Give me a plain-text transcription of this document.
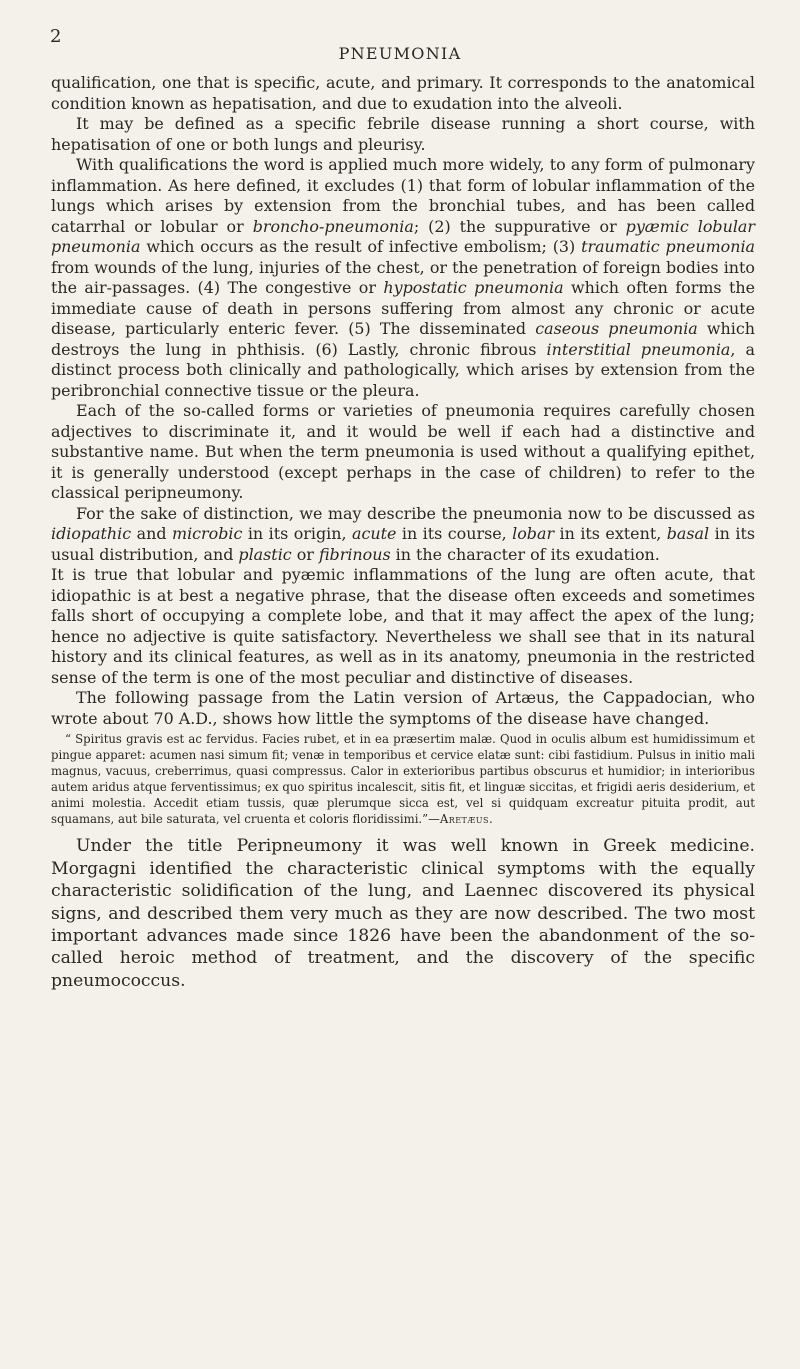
2
PNEUMONIA

qualification, one that is specific, acute, and primary. It corresponds to the anatomical condition known as hepatisation, and due to exudation into the alveoli.

It may be defined as a specific febrile disease running a short course, with hepatisation of one or both lungs and pleurisy.

With qualifications the word is applied much more widely, to any form of pulmonary inflammation. As here defined, it excludes (1) that form of lobular inflammation of the lungs which arises by extension from the bronchial tubes, and has been called catarrhal or lobular or broncho-pneumonia; (2) the suppurative or pyæmic lobular pneumonia which occurs as the result of infective embolism; (3) traumatic pneumonia from wounds of the lung, injuries of the chest, or the penetration of foreign bodies into the air-passages. (4) The congestive or hypostatic pneumonia which often forms the immediate cause of death in persons suffering from almost any chronic or acute disease, particularly enteric fever. (5) The disseminated caseous pneumonia which destroys the lung in phthisis. (6) Lastly, chronic fibrous interstitial pneumonia, a distinct process both clinically and pathologically, which arises by extension from the peribronchial connective tissue or the pleura.

Each of the so-called forms or varieties of pneumonia requires carefully chosen adjectives to discriminate it, and it would be well if each had a distinctive and substantive name. But when the term pneumonia is used without a qualifying epithet, it is generally understood (except perhaps in the case of children) to refer to the classical peripneumony.

For the sake of distinction, we may describe the pneumonia now to be discussed as idiopathic and microbic in its origin, acute in its course, lobar in its extent, basal in its usual distribution, and plastic or fibrinous in the character of its exudation.

It is true that lobular and pyæmic inflammations of the lung are often acute, that idiopathic is at best a negative phrase, that the disease often exceeds and sometimes falls short of occupying a complete lobe, and that it may affect the apex of the lung; hence no adjective is quite satisfactory. Nevertheless we shall see that in its natural history and its clinical features, as well as in its anatomy, pneumonia in the restricted sense of the term is one of the most peculiar and distinctive of diseases.

The following passage from the Latin version of Artæus, the Cappadocian, who wrote about 70 A.D., shows how little the symptoms of the disease have changed.

“ Spiritus gravis est ac fervidus. Facies rubet, et in ea præsertim malæ. Quod in oculis album est humidissimum et pingue apparet: acumen nasi simum fit; venæ in temporibus et cervice elatæ sunt: cibi fastidium. Pulsus in initio mali magnus, vacuus, creberrimus, quasi compressus. Calor in exterioribus partibus obscurus et humidior; in interioribus autem aridus atque ferventissimus; ex quo spiritus incalescit, sitis fit, et linguæ siccitas, et frigidi aeris desiderium, et animi molestia. Accedit etiam tussis, quæ plerumque sicca est, vel si quidquam excreatur pituita prodit, aut squamans, aut bile saturata, vel cruenta et coloris floridissimi.”—Aretæus.

Under the title Peripneumony it was well known in Greek medicine. Morgagni identified the characteristic clinical symptoms with the equally characteristic solidification of the lung, and Laennec discovered its physical signs, and described them very much as they are now described. The two most important advances made since 1826 have been the abandonment of the so-called heroic method of treatment, and the discovery of the specific pneumococcus.
